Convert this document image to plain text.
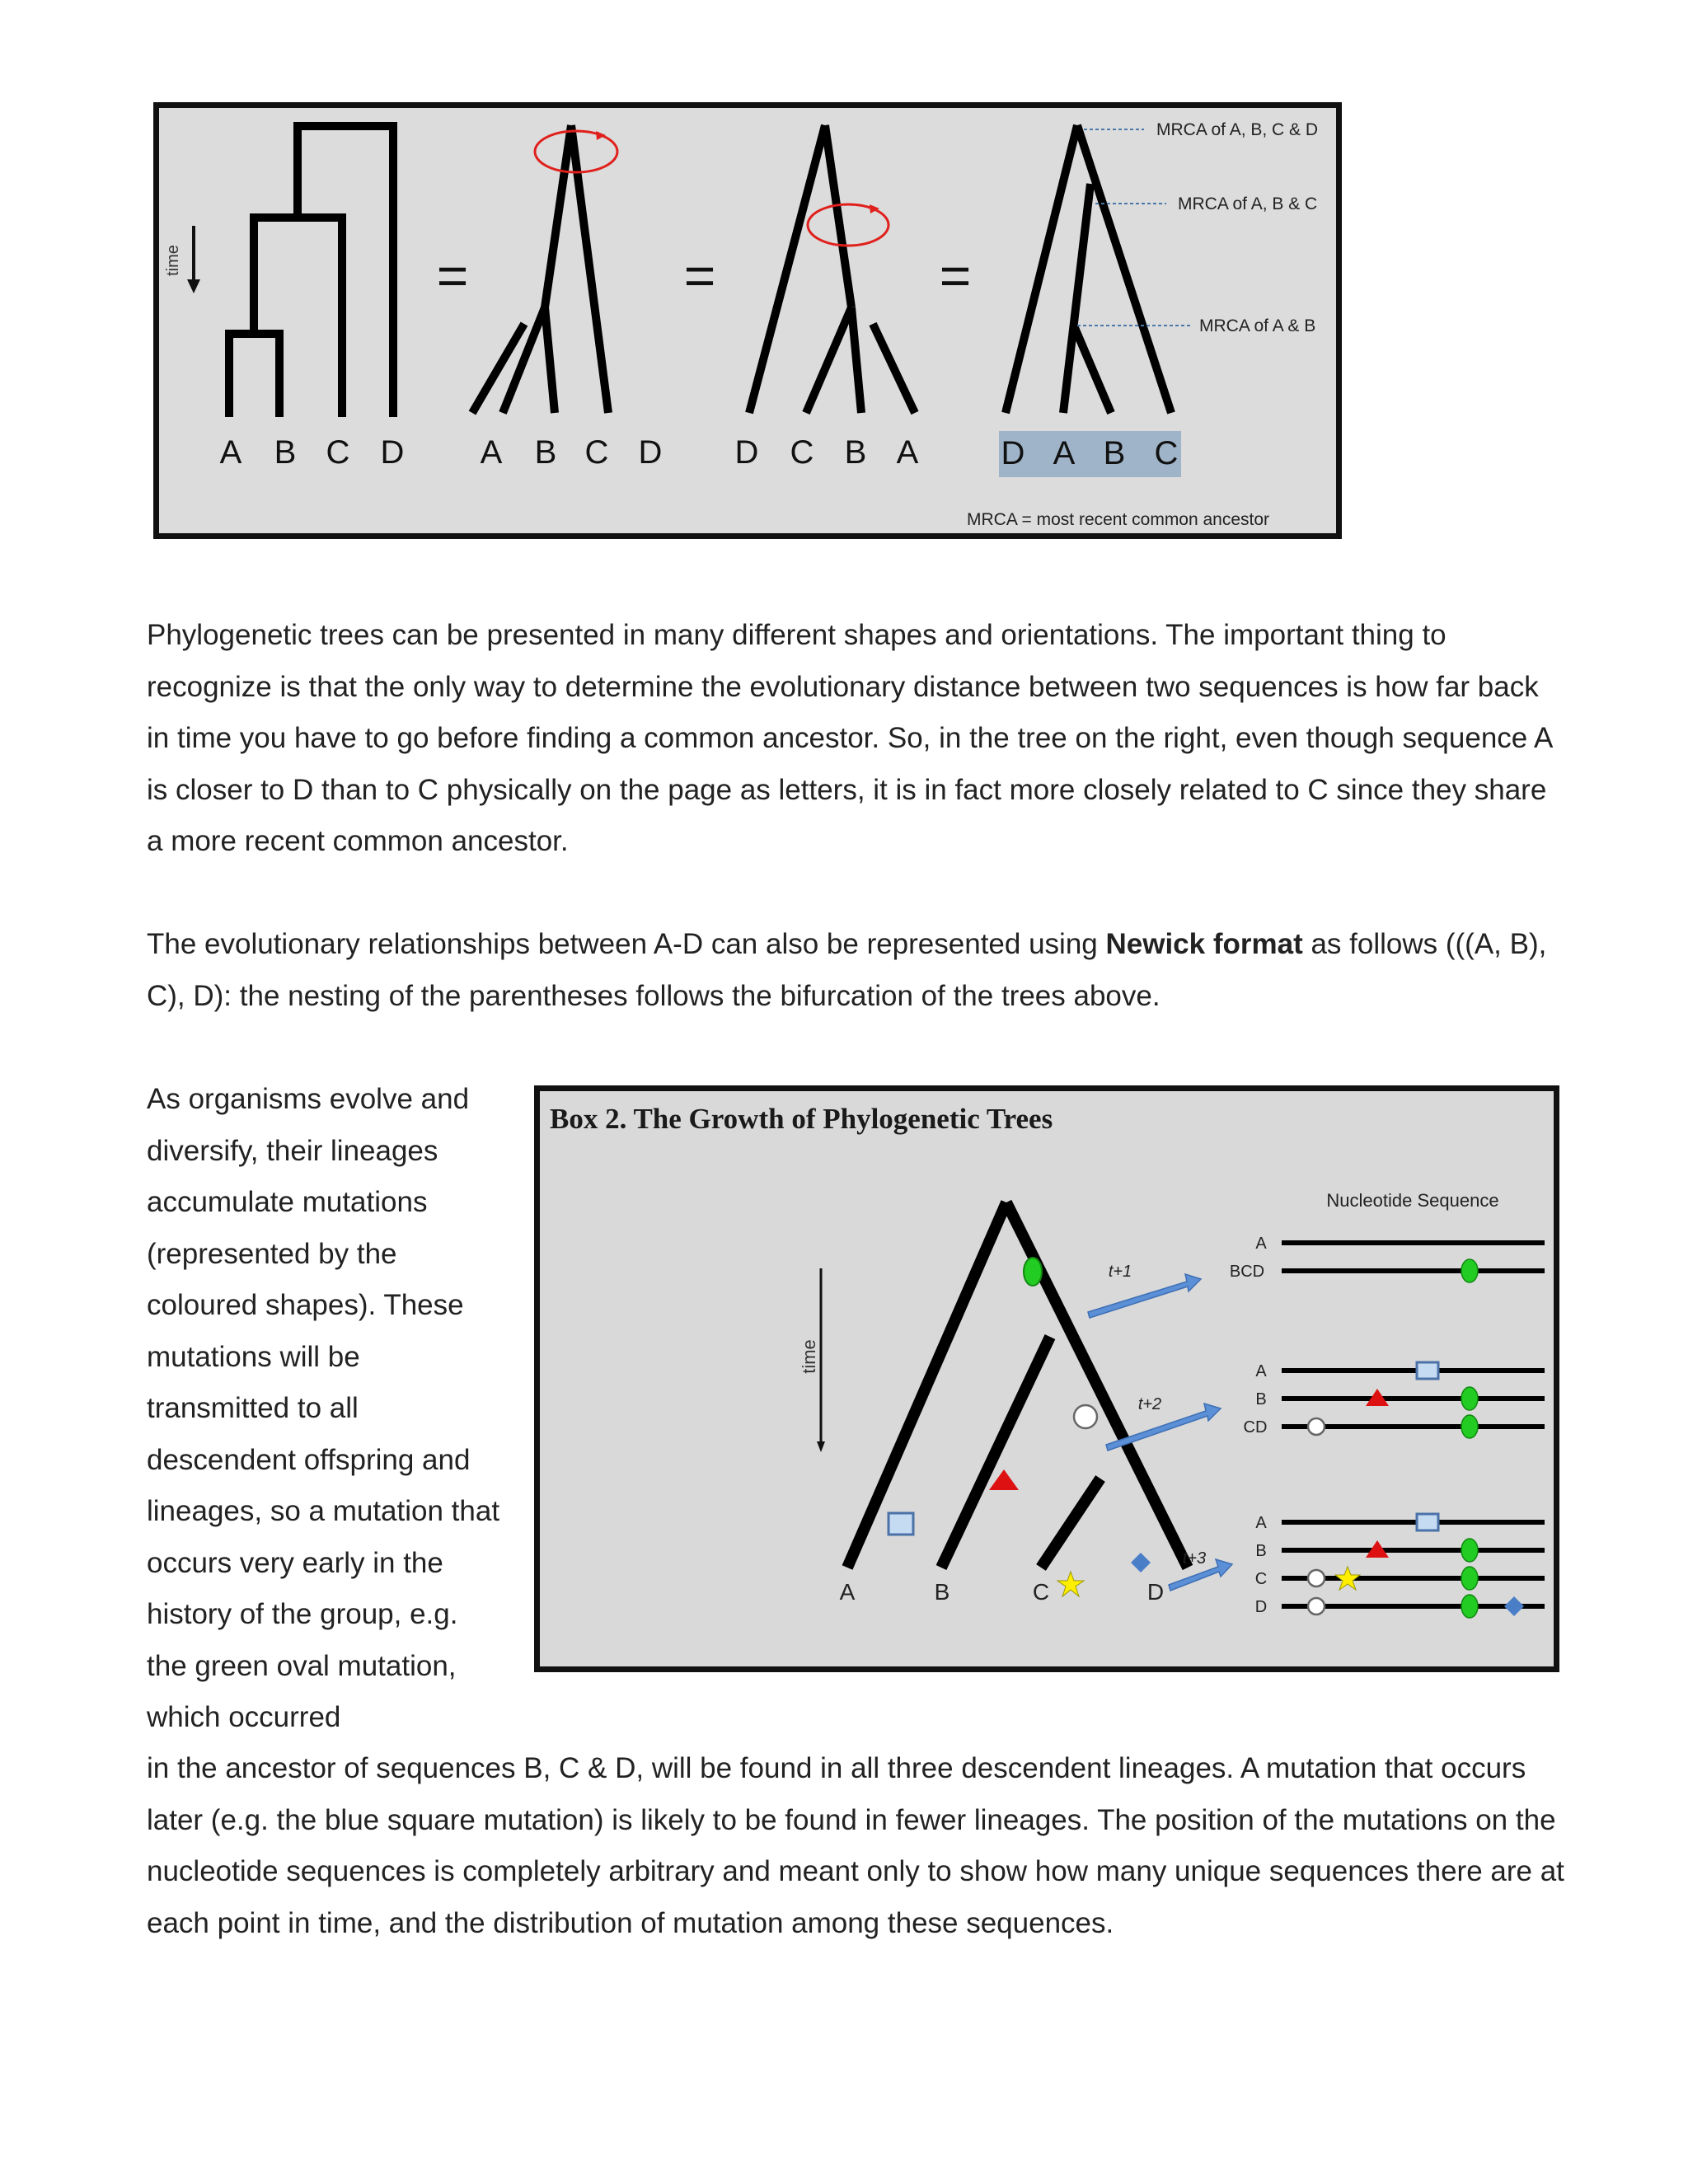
time
A B C D
=
A B C D
=
D C B A
=
D A B C
MRCA of A, B, C & D
MRCA of A, B & C
MRCA of A & B
MRCA = most recent common ancestor

Phylogenetic trees can be presented in many different shapes and orientations. The important thing to recognize is that the only way to determine the evolutionary distance between two sequences is how far back in time you have to go before finding a common ancestor. So, in the tree on the right, even though sequence A is closer to D than to C physically on the page as letters, it is in fact more closely related to C since they share a more recent common ancestor.

The evolutionary relationships between A-D can also be represented using Newick format as follows (((A, B), C), D): the nesting of the parentheses follows the bifurcation of the trees above.

As organisms evolve and diversify, their lineages accumulate mutations (represented by the coloured shapes). These mutations will be transmitted to all descendent offspring and lineages, so a mutation that occurs very early in the history of the group, e.g. the green oval mutation, which occurred

Box 2. The Growth of Phylogenetic Trees
time
A	B	C	D
t+1
t+2
t+3
Nucleotide Sequence
A
BCD
A
B
CD
A
B
C
D

in the ancestor of sequences B, C & D, will be found in all three descendent lineages. A mutation that occurs later (e.g. the blue square mutation) is likely to be found in fewer lineages. The position of the mutations on the nucleotide sequences is completely arbitrary and meant only to show how many unique sequences there are at each point in time, and the distribution of mutation among these sequences.
